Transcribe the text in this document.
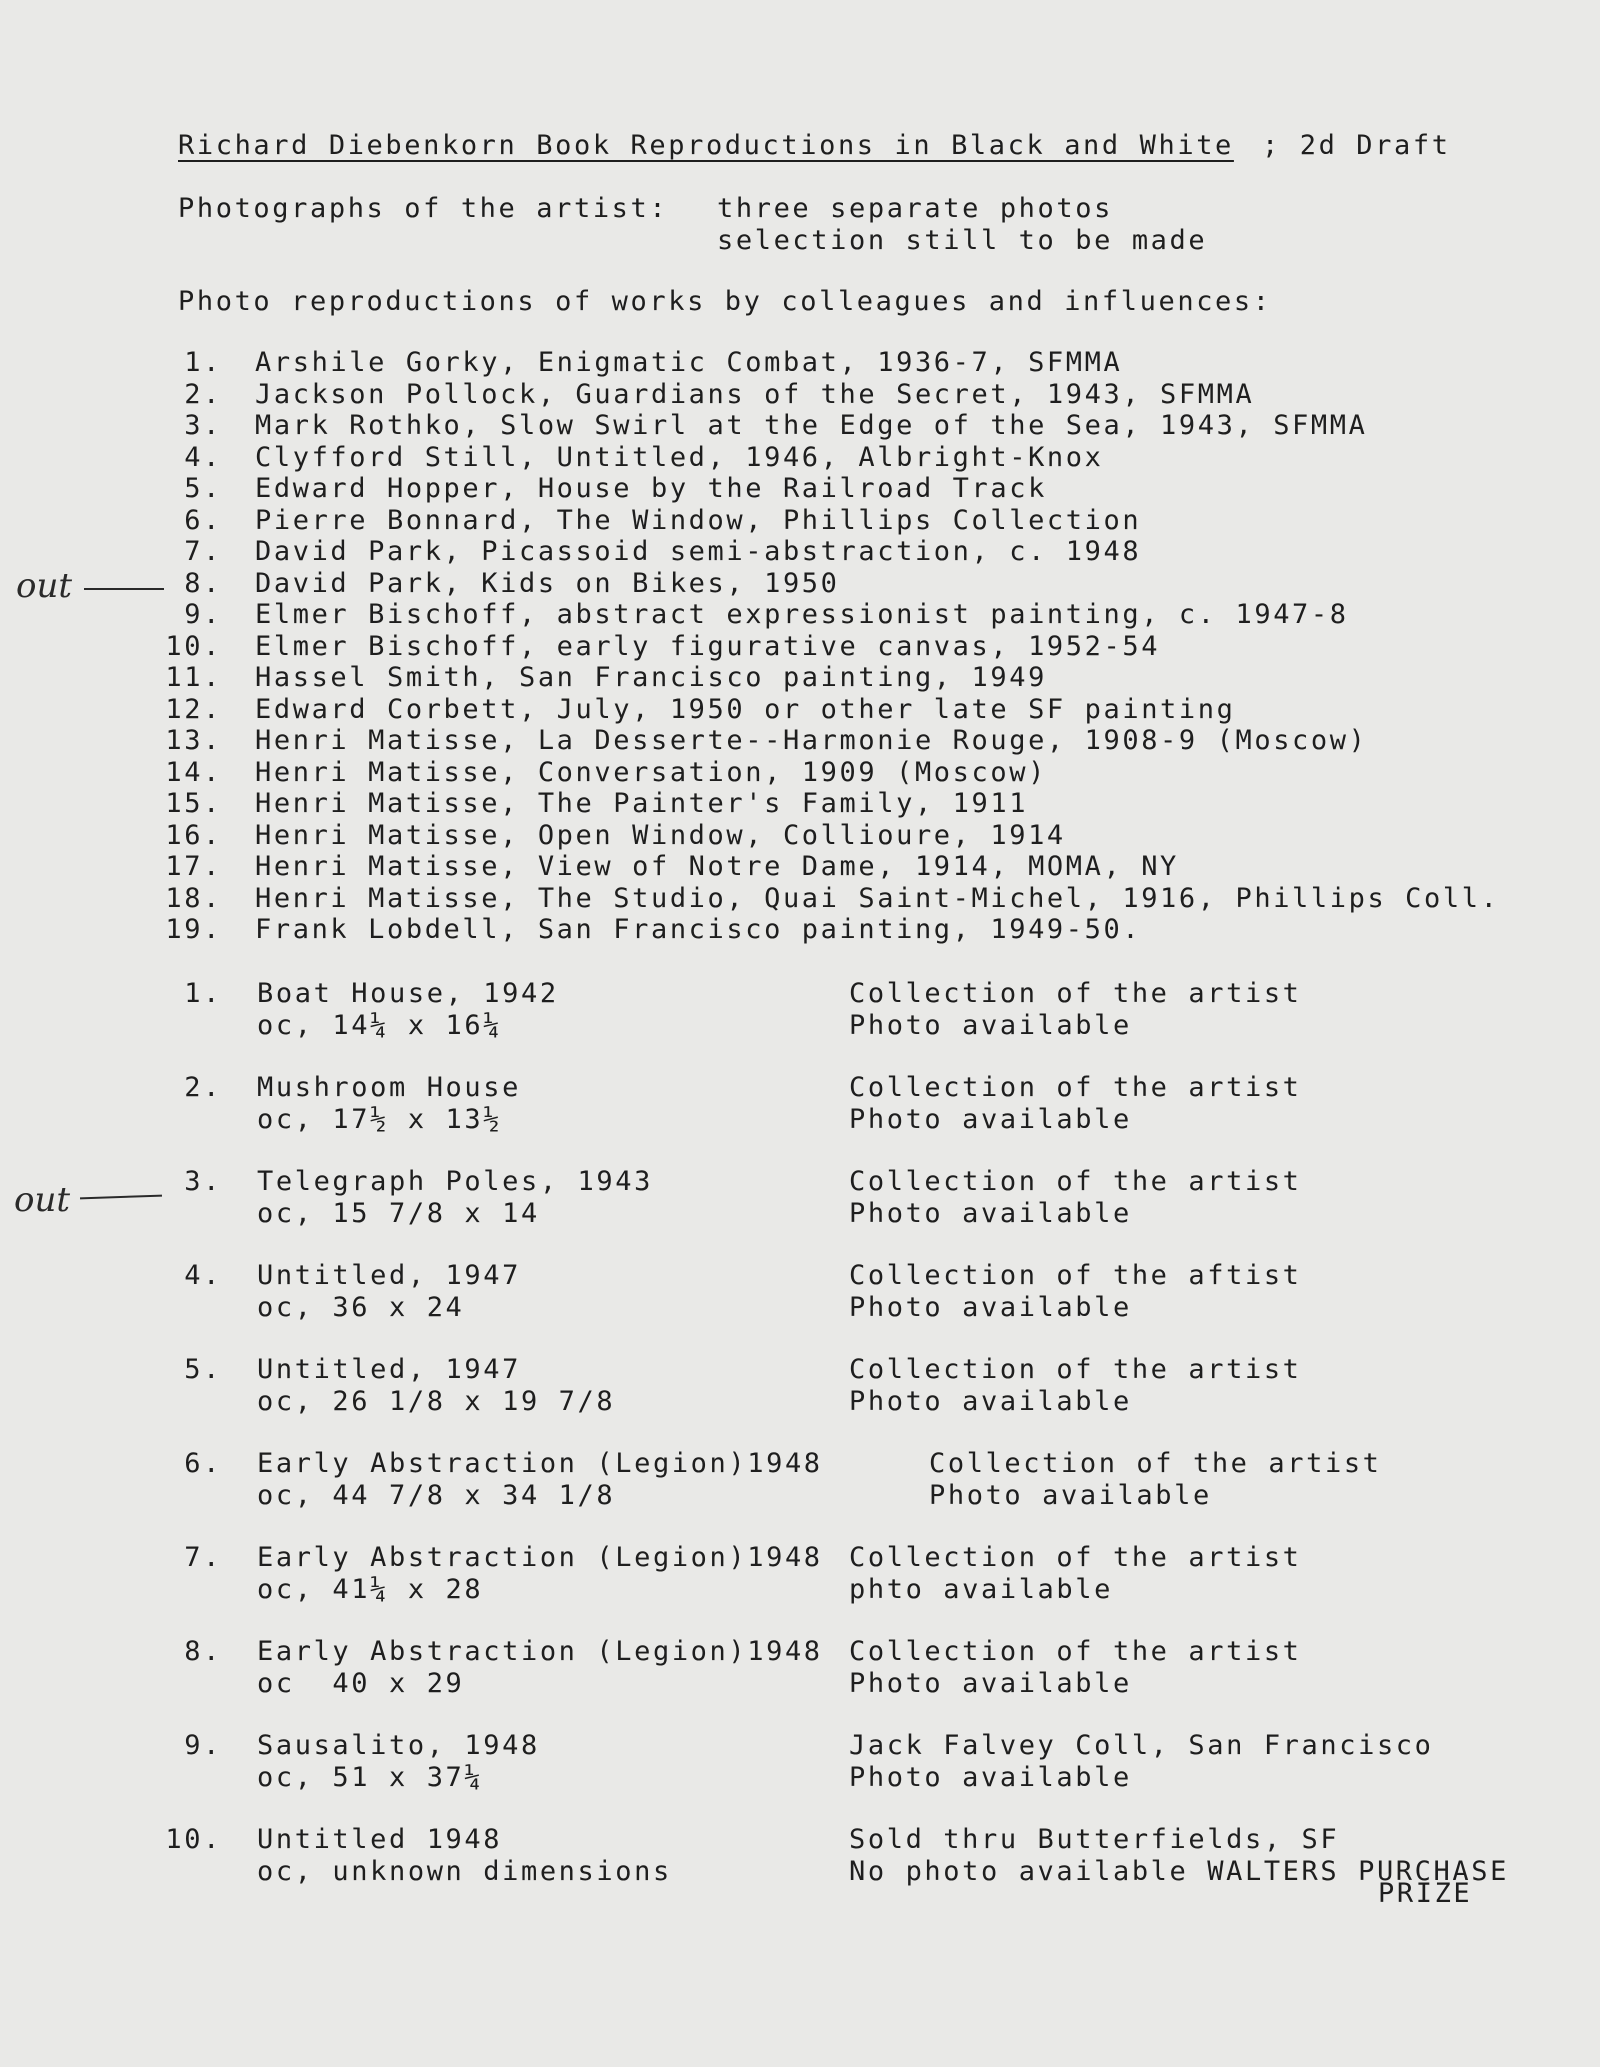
Richard Diebenkorn Book Reproductions in Black and White ; 2d Draft
Photographs of the artist: three separate photos
selection still to be made
Photo reproductions of works by colleagues and influences:
1. Arshile Gorky, Enigmatic Combat, 1936-7, SFMMA
2. Jackson Pollock, Guardians of the Secret, 1943, SFMMA
3. Mark Rothko, Slow Swirl at the Edge of the Sea, 1943, SFMMA
4. Clyfford Still, Untitled, 1946, Albright-Knox
5. Edward Hopper, House by the Railroad Track
6. Pierre Bonnard, The Window, Phillips Collection
7. David Park, Picassoid semi-abstraction, c. 1948
8. David Park, Kids on Bikes, 1950
9. Elmer Bischoff, abstract expressionist painting, c. 1947-8
10. Elmer Bischoff, early figurative canvas, 1952-54
11. Hassel Smith, San Francisco painting, 1949
12. Edward Corbett, July, 1950 or other late SF painting
13. Henri Matisse, La Desserte--Harmonie Rouge, 1908-9 (Moscow)
14. Henri Matisse, Conversation, 1909 (Moscow)
15. Henri Matisse, The Painter's Family, 1911
16. Henri Matisse, Open Window, Collioure, 1914
17. Henri Matisse, View of Notre Dame, 1914, MOMA, NY
18. Henri Matisse, The Studio, Quai Saint-Michel, 1916, Phillips Coll.
19. Frank Lobdell, San Francisco painting, 1949-50.
out
1. Boat House, 1942
oc, 14¼ x 16¼
Collection of the artist
Photo available
2. Mushroom House
oc, 17½ x 13½
Collection of the artist
Photo available
3. Telegraph Poles, 1943
oc, 15 7/8 x 14
Collection of the artist
Photo available
4. Untitled, 1947
oc, 36 x 24
Collection of the aftist
Photo available
5. Untitled, 1947
oc, 26 1/8 x 19 7/8
Collection of the artist
Photo available
6. Early Abstraction (Legion)1948
oc, 44 7/8 x 34 1/8
Collection of the artist
Photo available
7. Early Abstraction (Legion)1948
oc, 41¼ x 28
Collection of the artist
phto available
8. Early Abstraction (Legion)1948
oc  40 x 29
Collection of the artist
Photo available
9. Sausalito, 1948
oc, 51 x 37¼
Jack Falvey Coll, San Francisco
Photo available
10. Untitled 1948
oc, unknown dimensions
Sold thru Butterfields, SF
No photo available WALTERS PURCHASE
PRIZE
out
